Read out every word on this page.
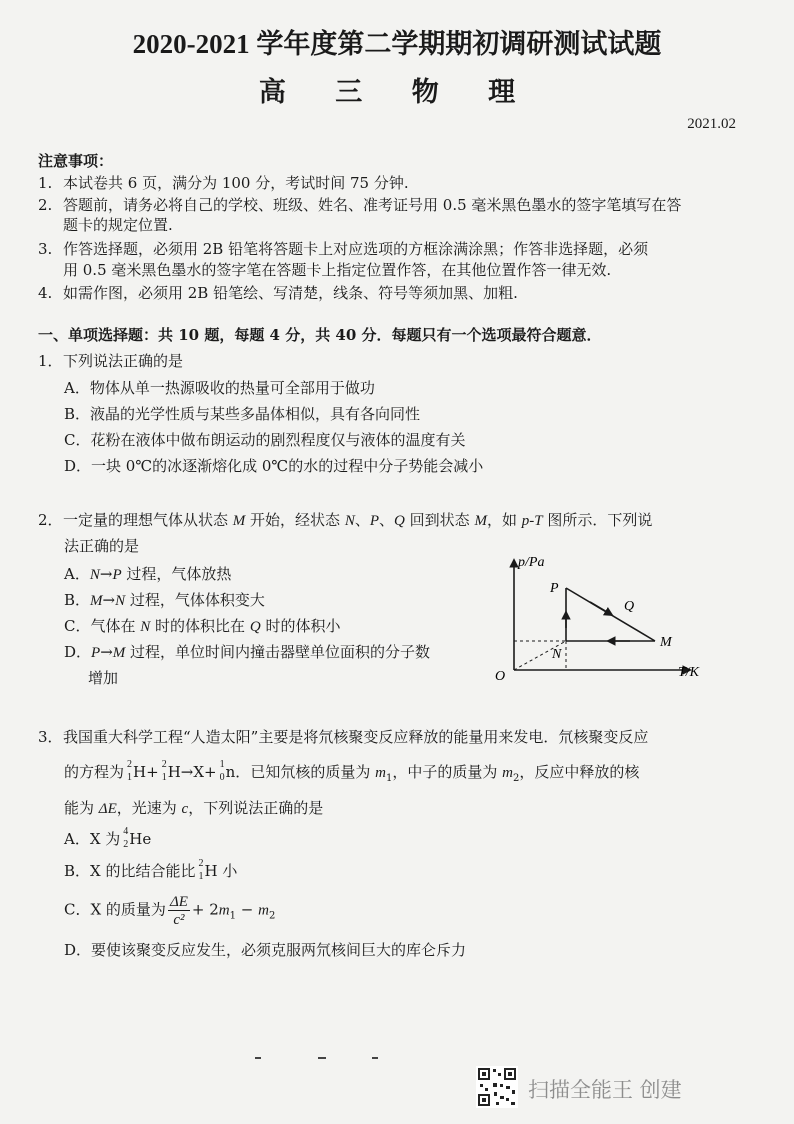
2020-2021 学年度第二学期期初调研测试试题
高 三 物 理
2021.02
注意事项：
1. 本试卷共 6 页，满分为 100 分，考试时间 75 分钟.
2. 答题前，请务必将自己的学校、班级、姓名、准考证号用 0.5 毫米黑色墨水的签字笔填写在答
题卡的规定位置.
3. 作答选择题，必须用 2B 铅笔将答题卡上对应选项的方框涂满涂黑；作答非选择题，必须
用 0.5 毫米黑色墨水的签字笔在答题卡上指定位置作答，在其他位置作答一律无效.
4. 如需作图，必须用 2B 铅笔绘、写清楚，线条、符号等须加黑、加粗.
一、单项选择题：共 10 题，每题 4 分，共 40 分．每题只有一个选项最符合题意．
1．下列说法正确的是
A．物体从单一热源吸收的热量可全部用于做功
B．液晶的光学性质与某些多晶体相似，具有各向同性
C．花粉在液体中做布朗运动的剧烈程度仅与液体的温度有关
D．一块 0℃的冰逐渐熔化成 0℃的水的过程中分子势能会减小
2．一定量的理想气体从状态 M 开始，经状态 N、P、Q 回到状态 M，如 p-T 图所示．下列说
法正确的是
A．N→P 过程，气体放热
B．M→N 过程，气体体积变大
C．气体在 N 时的体积比在 Q 时的体积小
D．P→M 过程，单位时间内撞击器壁单位面积的分子数
增加
p/Pa
T/K
O
P
Q
M
N
3．我国重大科学工程“人造太阳”主要是将氘核聚变反应释放的能量用来发电．氘核聚变反应
的方程为 2
1 H+ 2
1 H→X+ 1
0 n．已知氘核的质量为 $m_1$，中子的质量为 $m_2$，反应中释放的核
能为 ΔE，光速为 c，下列说法正确的是
A．X 为 4
2 He
B．X 的比结合能比 2
1 H 小
C．X 的质量为 $\frac{\Delta E}{\text{c²}} + 2m_1 - m_2$
D．要使该聚变反应发生，必须克服两氘核间巨大的库仑斥力
扫描全能王 创建
